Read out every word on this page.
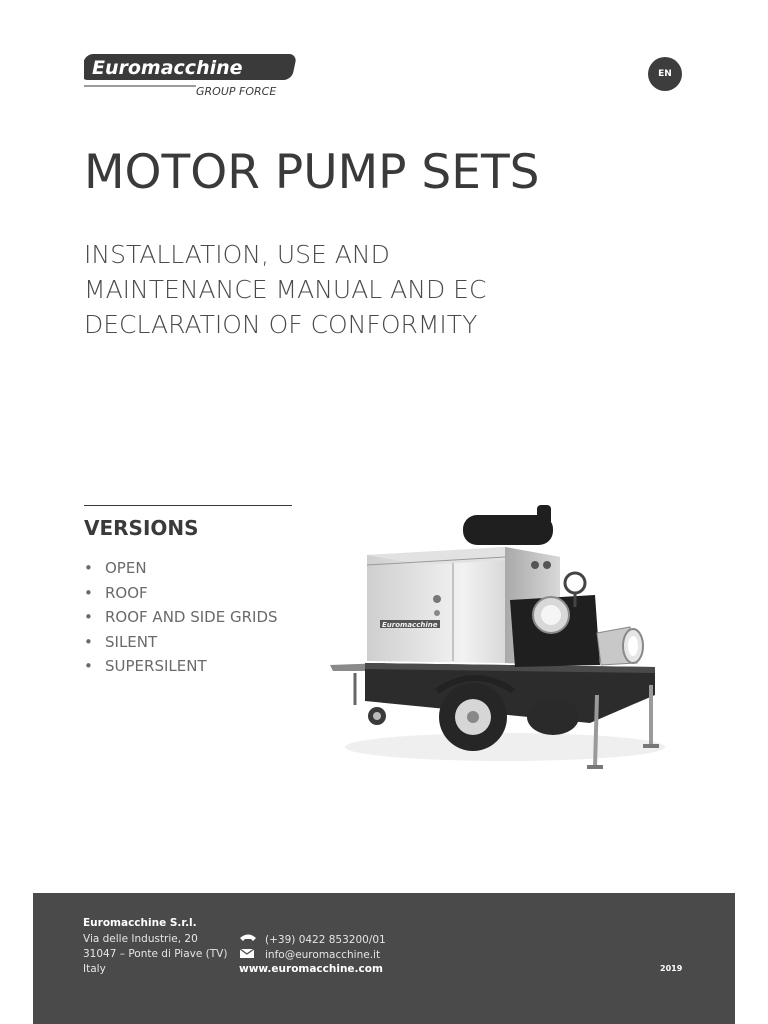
Euromacchine
GROUP FORCE
EN
MOTOR PUMP SETS
INSTALLATION, USE AND
MAINTENANCE MANUAL AND EC
DECLARATION OF CONFORMITY
VERSIONS
• OPEN
• ROOF
• ROOF AND SIDE GRIDS
• SILENT
• SUPERSILENT
Euromacchine
Euromacchine S.r.l.
Via delle Industrie, 20
31047 – Ponte di Piave (TV)
Italy
(+39) 0422 853200/01
info@euromacchine.it
www.euromacchine.com	2019
